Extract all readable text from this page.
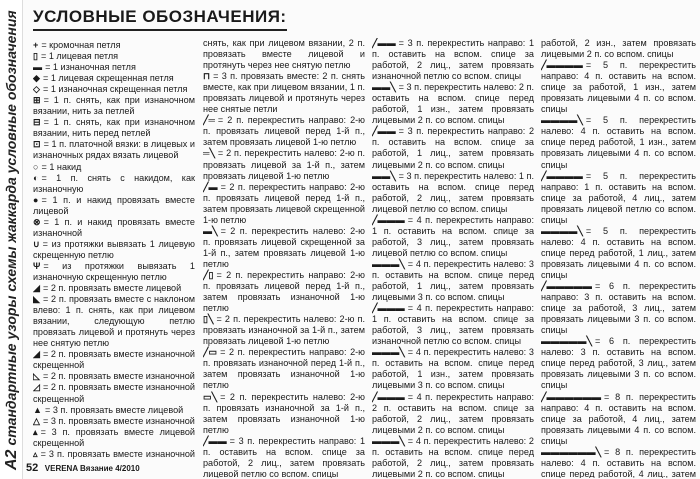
A2стандартные узоры схемы жаккарда условные обозначения УСЛОВНЫЕ ОБОЗНАЧЕНИЯ:
+ = кромочная петля
▯ = 1 лицевая петля
▬ = 1 изнаночная петля
◆ = 1 лицевая скрещенная петля
◇ = 1 изнаночная скрещенная петля
⊞ = 1 п. снять, как при изнаночном вязании, нить за петлей
⊟ = 1 п. снять, как при изнаночном вязании, нить перед петлей
⊡ = 1 п. платочной вязки: в лицевых и изнаночных рядах вязать лицевой
○ = 1 накид
◐ = 1 п. снять с накидом, как изнаночную
● = 1 п. и накид провязать вместе лицевой
⊗ = 1 п. и накид провязать вместе изнаночной
∪ = из протяжки вывязать 1 лицевую скрещенную петлю
Ψ = из протяжки вывязать 1 изнаночную скрещенную петлю
◢ = 2 п. провязать вместе лицевой
◣ = 2 п. провязать вместе с наклоном влево: 1 п. снять, как при лицевом вязании, следующую петлю провязать лицевой и протянуть через нее снятую петлю
◢ = 2 п. провязать вместе изнаночной скрещенной
◺ = 2 п. провязать вместе изнаночной
◿ = 2 п. провязать вместе изнаночной скрещенной
▲ = 3 п. провязать вместе лицевой
△ = 3 п. провязать вместе изнаночной
▴ = 3 п. провязать вместе лицевой скрещенной
▵ = 3 п. провязать вместе изнаночной
снять, как при лицевом вязании, 2 п. провязать вместе лицевой и протянуть через нее снятую петлю
⊓ = 3 п. провязать вместе: 2 п. снять вместе, как при лицевом вязании, 1 п. провязать лицевой и протянуть через нее снятые петли
╱═ = 2 п. перекрестить направо: 2-ю п. провязать лицевой перед 1-й п., затем провязать лицевой 1-ю петлю
═╲ = 2 п. перекрестить налево: 2-ю п. провязать лицевой за 1-й п., затем провязать лицевой 1-ю петлю
╱▬ = 2 п. перекрестить направо: 2-ю п. провязать лицевой перед 1-й п., затем провязать лицевой скрещенной 1-ю петлю
▬╲ = 2 п. перекрестить налево: 2-ю п. провязать лицевой скрещенной за 1-й п., затем провязать лицевой 1-ю петлю
╱▯ = 2 п. перекрестить направо: 2-ю п. провязать лицевой перед 1-й п., затем провязать изнаночной 1-ю петлю
▯╲ = 2 п. перекрестить налево: 2-ю п. провязать изнаночной за 1-й п., затем провязать лицевой 1-ю петлю
╱▭ = 2 п. перекрестить направо: 2-ю п. провязать изнаночной перед 1-й п., затем провязать изнаночной 1-ю петлю
▭╲ = 2 п. перекрестить налево: 2-ю п. провязать изнаночной за 1-й п., затем провязать изнаночной 1-ю петлю
╱▬▬ = 3 п. перекрестить направо: 1 п. оставить на вспом. спице за работой, 2 лиц., затем провязать лицевой петлю со вспом. спицы
╱▬▬ = 3 п. перекрестить направо: 1 п. оставить на вспом. спице за работой, 2 лиц., затем провязать изнаночной петлю со вспом. спицы
▬▬╲ = 3 п. перекрестить налево: 2 п. оставить на вспом. спице перед работой, 1 изн., затем провязать лицевыми 2 п. со вспом. спицы
╱▬▬ = 3 п. перекрестить направо: 2 п. оставить на вспом. спице за работой, 1 лиц., затем провязать лицевыми 2 п. со вспом. спицы
▬▬╲ = 3 п. перекрестить налево: 1 п. оставить на вспом. спице перед работой, 2 лиц., затем провязать лицевой петлю со вспом. спицы
╱▬▬▬ = 4 п. перекрестить направо: 1 п. оставить на вспом. спице за работой, 3 лиц., затем провязать лицевой петлю со вспом. спицы
▬▬▬╲ = 4 п. перекрестить налево: 3 п. оставить на вспом. спице перед работой, 1 лиц., затем провязать лицевыми 3 п. со вспом. спицы
╱▬▬▬ = 4 п. перекрестить направо: 1 п. оставить на вспом. спице за работой, 3 лиц., затем провязать изнаночной петлю со вспом. спицы
▬▬▬╲ = 4 п. перекрестить налево: 3 п. оставить на вспом. спице перед работой, 1 изн., затем провязать лицевыми 3 п. со вспом. спицы
╱▬▬▬ = 4 п. перекрестить направо: 2 п. оставить на вспом. спице за работой, 2 лиц., затем провязать лицевыми 2 п. со вспом. спицы
▬▬▬╲ = 4 п. перекрестить налево: 2 п. оставить на вспом. спице перед работой, 2 лиц., затем провязать лицевыми 2 п. со вспом. спицы
работой, 2 изн., затем провязать лицевыми 2 п. со вспом. спицы
╱▬▬▬▬ = 5 п. перекрестить направо: 4 п. оставить на вспом. спице за работой, 1 изн., затем провязать лицевыми 4 п. со вспом. спицы
▬▬▬▬╲ = 5 п. перекрестить налево: 4 п. оставить на вспом. спице перед работой, 1 изн., затем провязать лицевыми 4 п. со вспом. спицы
╱▬▬▬▬ = 5 п. перекрестить направо: 1 п. оставить на вспом. спице за работой, 4 лиц., затем провязать лицевой петлю со вспом. спицы
▬▬▬▬╲ = 5 п. перекрестить налево: 4 п. оставить на вспом. спице перед работой, 1 лиц., затем провязать лицевыми 4 п. со вспом. спицы
╱▬▬▬▬▬ = 6 п. перекрестить направо: 3 п. оставить на вспом. спице за работой, 3 лиц., затем провязать лицевыми 3 п. со вспом. спицы
▬▬▬▬▬╲ = 6 п. перекрестить налево: 3 п. оставить на вспом. спице перед работой, 3 лиц., затем провязать лицевыми 3 п. со вспом. спицы
╱▬▬▬▬▬▬ = 8 п. перекрестить направо: 4 п. оставить на вспом. спице за работой, 4 лиц., затем провязать лицевыми 4 п. со вспом. спицы
▬▬▬▬▬▬╲ = 8 п. перекрестить налево: 4 п. оставить на вспом. спице перед работой, 4 лиц., затем
52 VERENA Вязание 4/2010
